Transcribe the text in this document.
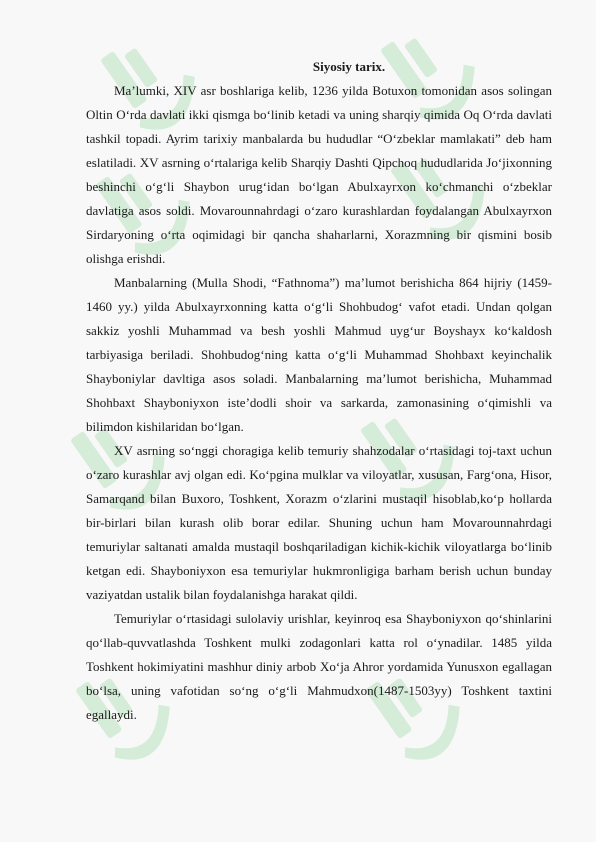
Siyosiy tarix.

Ma’lumki, XIV asr boshlariga kelib, 1236 yilda Botuxon tomonidan asos solingan Oltin O‘rda davlati ikki qismga bo‘linib ketadi va uning sharqiy qimida Oq O‘rda davlati tashkil topadi. Ayrim tarixiy manbalarda bu hududlar “O‘zbeklar mamlakati” deb ham eslatiladi. XV asrning o‘rtalariga kelib Sharqiy Dashti Qipchoq hududlarida Jo‘jixonning beshinchi o‘g‘li Shaybon urug‘idan bo‘lgan Abulxayrxon ko‘chmanchi o‘zbeklar davlatiga asos soldi. Movarounnahrdagi o‘zaro kurashlardan foydalangan Abulxayrxon Sirdaryoning o‘rta oqimidagi bir qancha shaharlarni, Xorazmning bir qismini bosib olishga erishdi.

Manbalarning (Mulla Shodi, “Fathnoma”) ma’lumot berishicha 864 hijriy (1459-1460 yy.) yilda Abulxayrxonning katta o‘g‘li Shohbudog‘ vafot etadi. Undan qolgan sakkiz yoshli Muhammad va besh yoshli Mahmud uyg‘ur Boyshayx ko‘kaldosh tarbiyasiga beriladi. Shohbudog‘ning katta o‘g‘li Muhammad Shohbaxt keyinchalik Shayboniylar davltiga asos soladi. Manbalarning ma’lumot berishicha, Muhammad Shohbaxt Shayboniyxon iste’dodli shoir va sarkarda, zamonasining o‘qimishli va bilimdon kishilaridan bo‘lgan.

XV asrning so‘nggi choragiga kelib temuriy shahzodalar o‘rtasidagi toj-taxt uchun o‘zaro kurashlar avj olgan edi. Ko‘pgina mulklar va viloyatlar, xususan, Farg‘ona, Hisor, Samarqand bilan Buxoro, Toshkent, Xorazm o‘zlarini mustaqil hisoblab,ko‘p hollarda bir-birlari bilan kurash olib borar edilar. Shuning uchun ham Movarounnahrdagi temuriylar saltanati amalda mustaqil boshqariladigan kichik-kichik viloyatlarga bo‘linib ketgan edi. Shayboniyxon esa temuriylar hukmronligiga barham berish uchun bunday vaziyatdan ustalik bilan foydalanishga harakat qildi.

Temuriylar o‘rtasidagi sulolaviy urishlar, keyinroq esa Shayboniyxon qo‘shinlarini qo‘llab-quvvatlashda Toshkent mulki zodagonlari katta rol o‘ynadilar. 1485 yilda Toshkent hokimiyatini mashhur diniy arbob Xo‘ja Ahror yordamida Yunusxon egallagan bo‘lsa, uning vafotidan so‘ng o‘g‘li Mahmudxon(1487-1503yy) Toshkent taxtini egallaydi.
